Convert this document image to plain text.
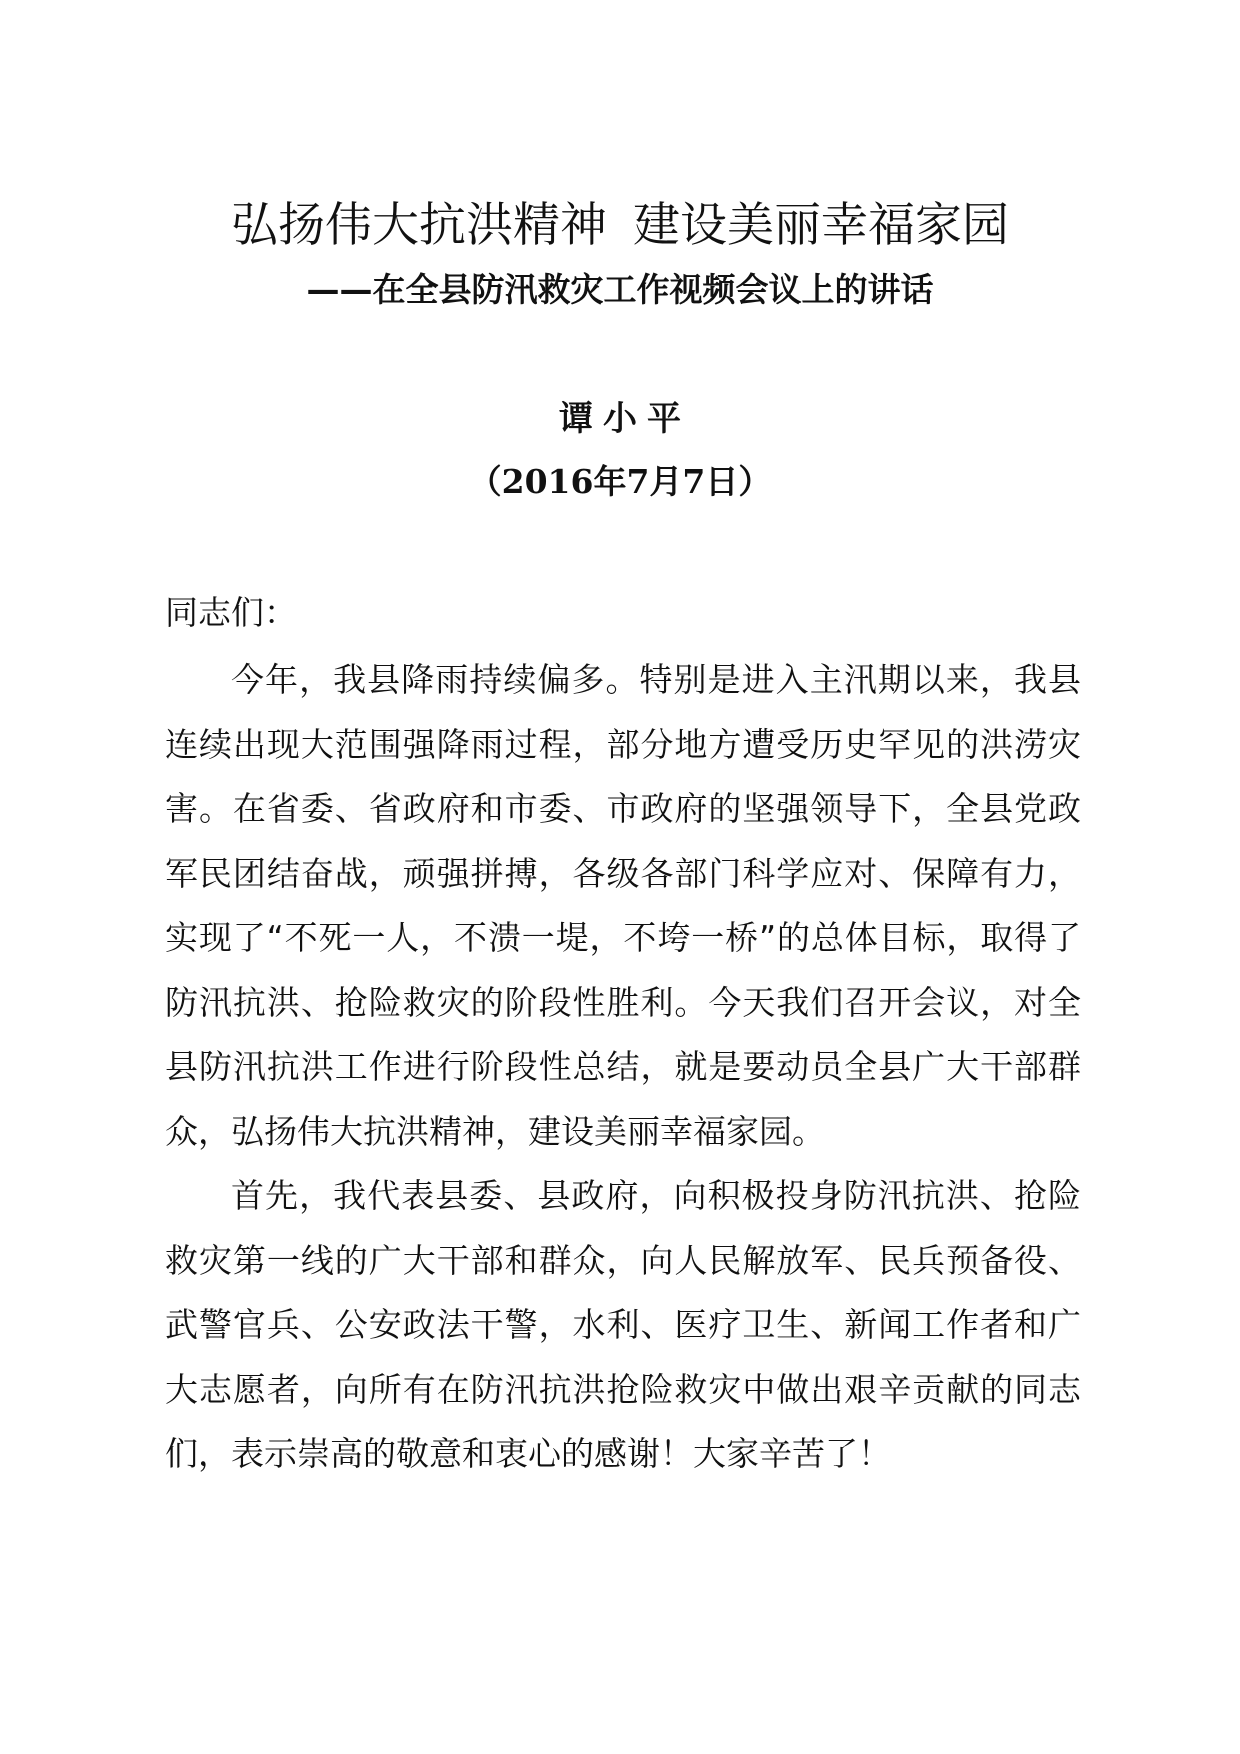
弘扬伟大抗洪精神 建设美丽幸福家园
——在全县防汛救灾工作视频会议上的讲话
谭小平
（2016年7月7日）
同志们：

今年，我县降雨持续偏多。特别是进入主汛期以来，我县连续出现大范围强降雨过程，部分地方遭受历史罕见的洪涝灾害。在省委、省政府和市委、市政府的坚强领导下，全县党政军民团结奋战，顽强拼搏，各级各部门科学应对、保障有力，实现了“不死一人，不溃一堤，不垮一桥”的总体目标，取得了防汛抗洪、抢险救灾的阶段性胜利。今天我们召开会议，对全县防汛抗洪工作进行阶段性总结，就是要动员全县广大干部群众，弘扬伟大抗洪精神，建设美丽幸福家园。

首先，我代表县委、县政府，向积极投身防汛抗洪、抢险救灾第一线的广大干部和群众，向人民解放军、民兵预备役、武警官兵、公安政法干警，水利、医疗卫生、新闻工作者和广大志愿者，向所有在防汛抗洪抢险救灾中做出艰辛贡献的同志们，表示崇高的敬意和衷心的感谢！大家辛苦了！
